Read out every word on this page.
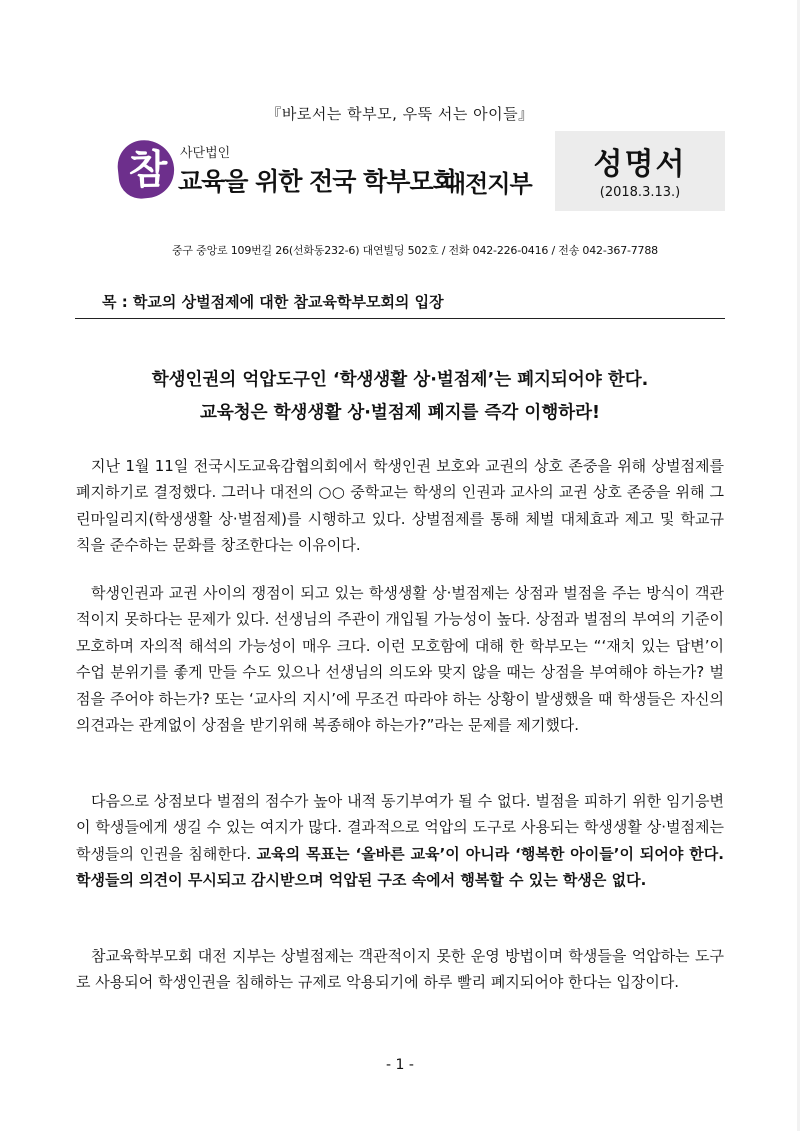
『바로서는 학부모, 우뚝 서는 아이들』
참 사단법인
교육을 위한 전국 학부모회
대전지부
성명서
(2018.3.13.)
중구 중앙로 109번길 26(선화동232-6) 대연빌딩 502호 / 전화 042-226-0416 / 전송 042-367-7788
목 : 학교의 상벌점제에 대한 참교육학부모회의 입장
학생인권의 억압도구인 ‘학생생활 상·벌점제’는 폐지되어야 한다.
교육청은 학생생활 상·벌점제 폐지를 즉각 이행하라!
지난 1월 11일 전국시도교육감협의회에서 학생인권 보호와 교권의 상호 존중을 위해 상벌점제를 폐지하기로 결정했다. 그러나 대전의 ○○ 중학교는 학생의 인권과 교사의 교권 상호 존중을 위해 그린마일리지(학생생활 상·벌점제)를 시행하고 있다. 상벌점제를 통해 체벌 대체효과 제고 및 학교규칙을 준수하는 문화를 창조한다는 이유이다.
학생인권과 교권 사이의 쟁점이 되고 있는 학생생활 상·벌점제는 상점과 벌점을 주는 방식이 객관적이지 못하다는 문제가 있다. 선생님의 주관이 개입될 가능성이 높다. 상점과 벌점의 부여의 기준이 모호하며 자의적 해석의 가능성이 매우 크다. 이런 모호함에 대해 한 학부모는 “‘재치 있는 답변’이 수업 분위기를 좋게 만들 수도 있으나 선생님의 의도와 맞지 않을 때는 상점을 부여해야 하는가? 벌점을 주어야 하는가? 또는 ‘교사의 지시’에 무조건 따라야 하는 상황이 발생했을 때 학생들은 자신의 의견과는 관계없이 상점을 받기위해 복종해야 하는가?”라는 문제를 제기했다.
다음으로 상점보다 벌점의 점수가 높아 내적 동기부여가 될 수 없다. 벌점을 피하기 위한 임기응변이 학생들에게 생길 수 있는 여지가 많다. 결과적으로 억압의 도구로 사용되는 학생생활 상·벌점제는 학생들의 인권을 침해한다. 교육의 목표는 ‘올바른 교육’이 아니라 ‘행복한 아이들’이 되어야 한다. 학생들의 의견이 무시되고 감시받으며 억압된 구조 속에서 행복할 수 있는 학생은 없다.
참교육학부모회 대전 지부는 상벌점제는 객관적이지 못한 운영 방법이며 학생들을 억압하는 도구로 사용되어 학생인권을 침해하는 규제로 악용되기에 하루 빨리 폐지되어야 한다는 입장이다.
- 1 -
